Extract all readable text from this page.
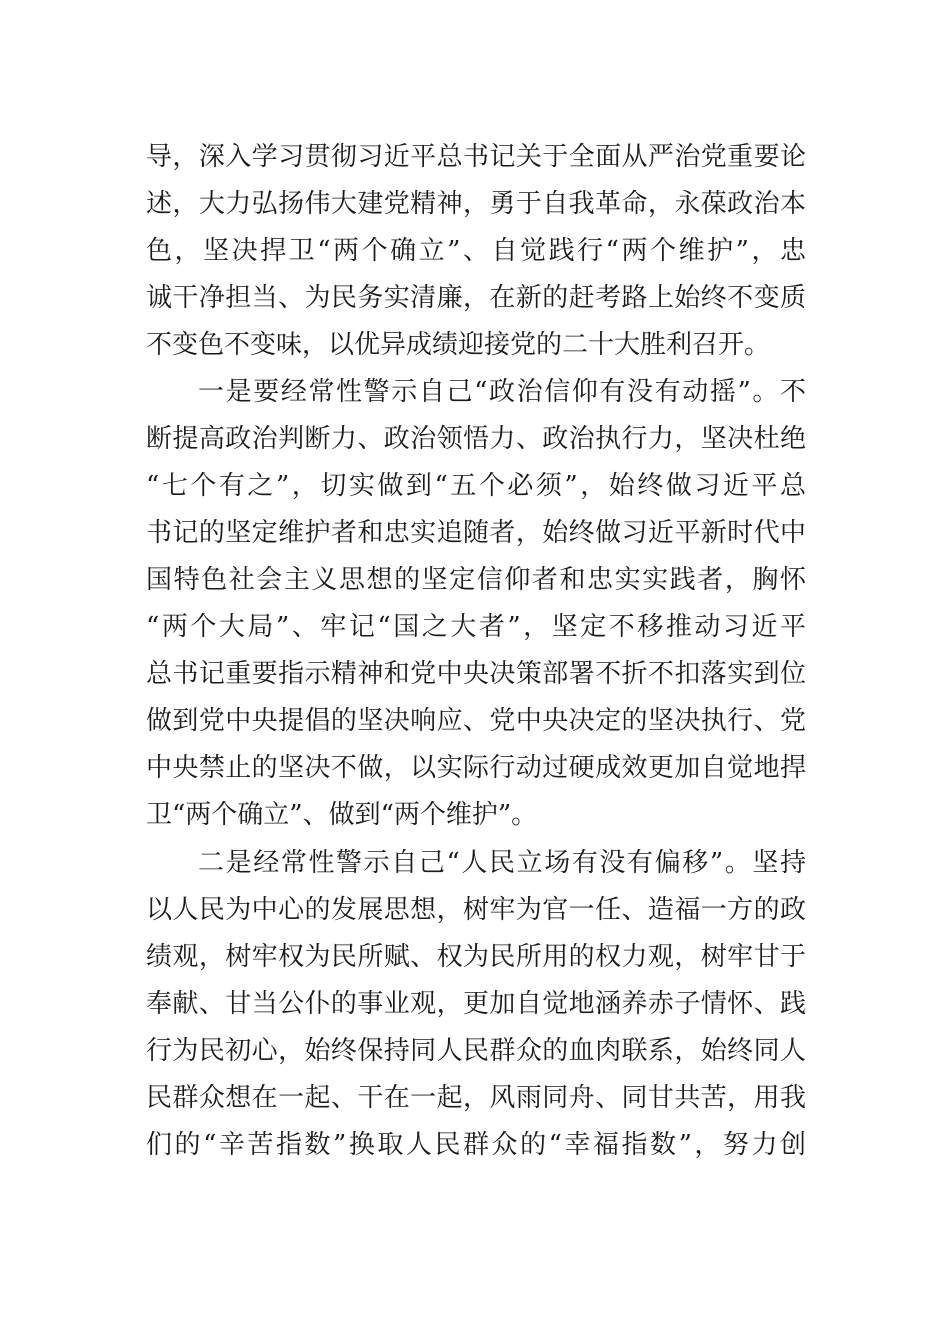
导，深入学习贯彻习近平总书记关于全面从严治党重要论
述，大力弘扬伟大建党精神，勇于自我革命，永葆政治本
色，坚决捍卫“两个确立”、自觉践行“两个维护”，忠
诚干净担当、为民务实清廉，在新的赶考路上始终不变质
不变色不变味，以优异成绩迎接党的二十大胜利召开。
一是要经常性警示自己“政治信仰有没有动摇”。不
断提高政治判断力、政治领悟力、政治执行力，坚决杜绝
“七个有之”，切实做到“五个必须”，始终做习近平总
书记的坚定维护者和忠实追随者，始终做习近平新时代中
国特色社会主义思想的坚定信仰者和忠实实践者，胸怀
“两个大局”、牢记“国之大者”，坚定不移推动习近平
总书记重要指示精神和党中央决策部署不折不扣落实到位
做到党中央提倡的坚决响应、党中央决定的坚决执行、党
中央禁止的坚决不做，以实际行动过硬成效更加自觉地捍
卫“两个确立”、做到“两个维护”。
二是经常性警示自己“人民立场有没有偏移”。坚持
以人民为中心的发展思想，树牢为官一任、造福一方的政
绩观，树牢权为民所赋、权为民所用的权力观，树牢甘于
奉献、甘当公仆的事业观，更加自觉地涵养赤子情怀、践
行为民初心，始终保持同人民群众的血肉联系，始终同人
民群众想在一起、干在一起，风雨同舟、同甘共苦，用我
们的“辛苦指数”换取人民群众的“幸福指数”，努力创
